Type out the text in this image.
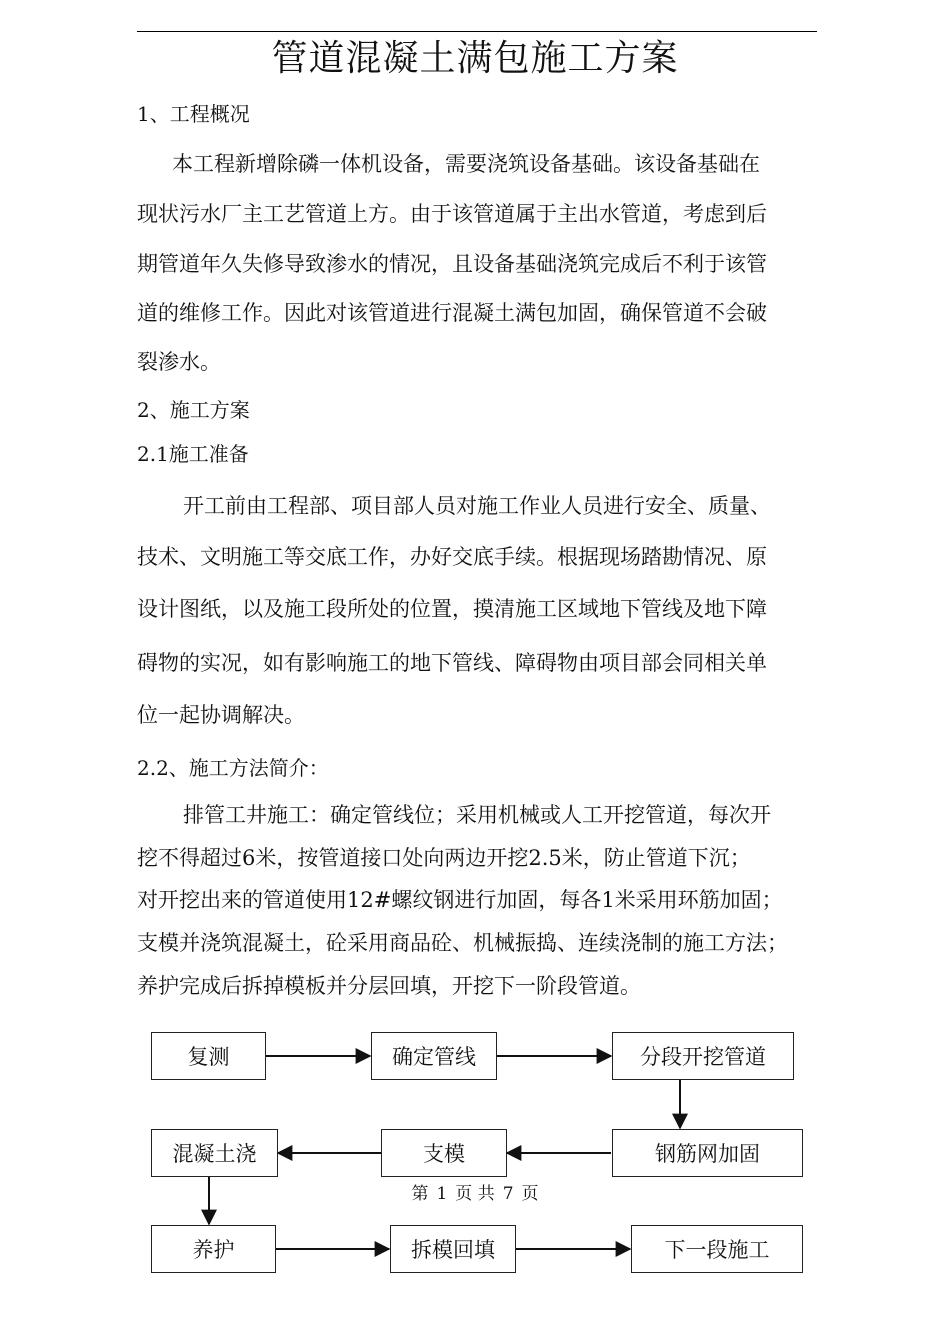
管道混凝土满包施工方案
1、工程概况
本工程新增除磷一体机设备，需要浇筑设备基础。该设备基础在
现状污水厂主工艺管道上方。由于该管道属于主出水管道，考虑到后
期管道年久失修导致渗水的情况，且设备基础浇筑完成后不利于该管
道的维修工作。因此对该管道进行混凝土满包加固，确保管道不会破
裂渗水。
2、施工方案
2.1施工准备
开工前由工程部、项目部人员对施工作业人员进行安全、质量、
技术、文明施工等交底工作，办好交底手续。根据现场踏勘情况、原
设计图纸，以及施工段所处的位置，摸清施工区域地下管线及地下障
碍物的实况，如有影响施工的地下管线、障碍物由项目部会同相关单
位一起协调解决。
2.2、施工方法简介：
排管工井施工：确定管线位；采用机械或人工开挖管道，每次开
挖不得超过6米，按管道接口处向两边开挖2.5米，防止管道下沉；
对开挖出来的管道使用12#螺纹钢进行加固，每各1米采用环筋加固；
支模并浇筑混凝土，砼采用商品砼、机械振捣、连续浇制的施工方法；
养护完成后拆掉模板并分层回填，开挖下一阶段管道。
复测	确定管线	分段开挖管道
钢筋网加固
支模
混凝土浇
第 1 页 共 7 页
养护	拆模回填	下一段施工
